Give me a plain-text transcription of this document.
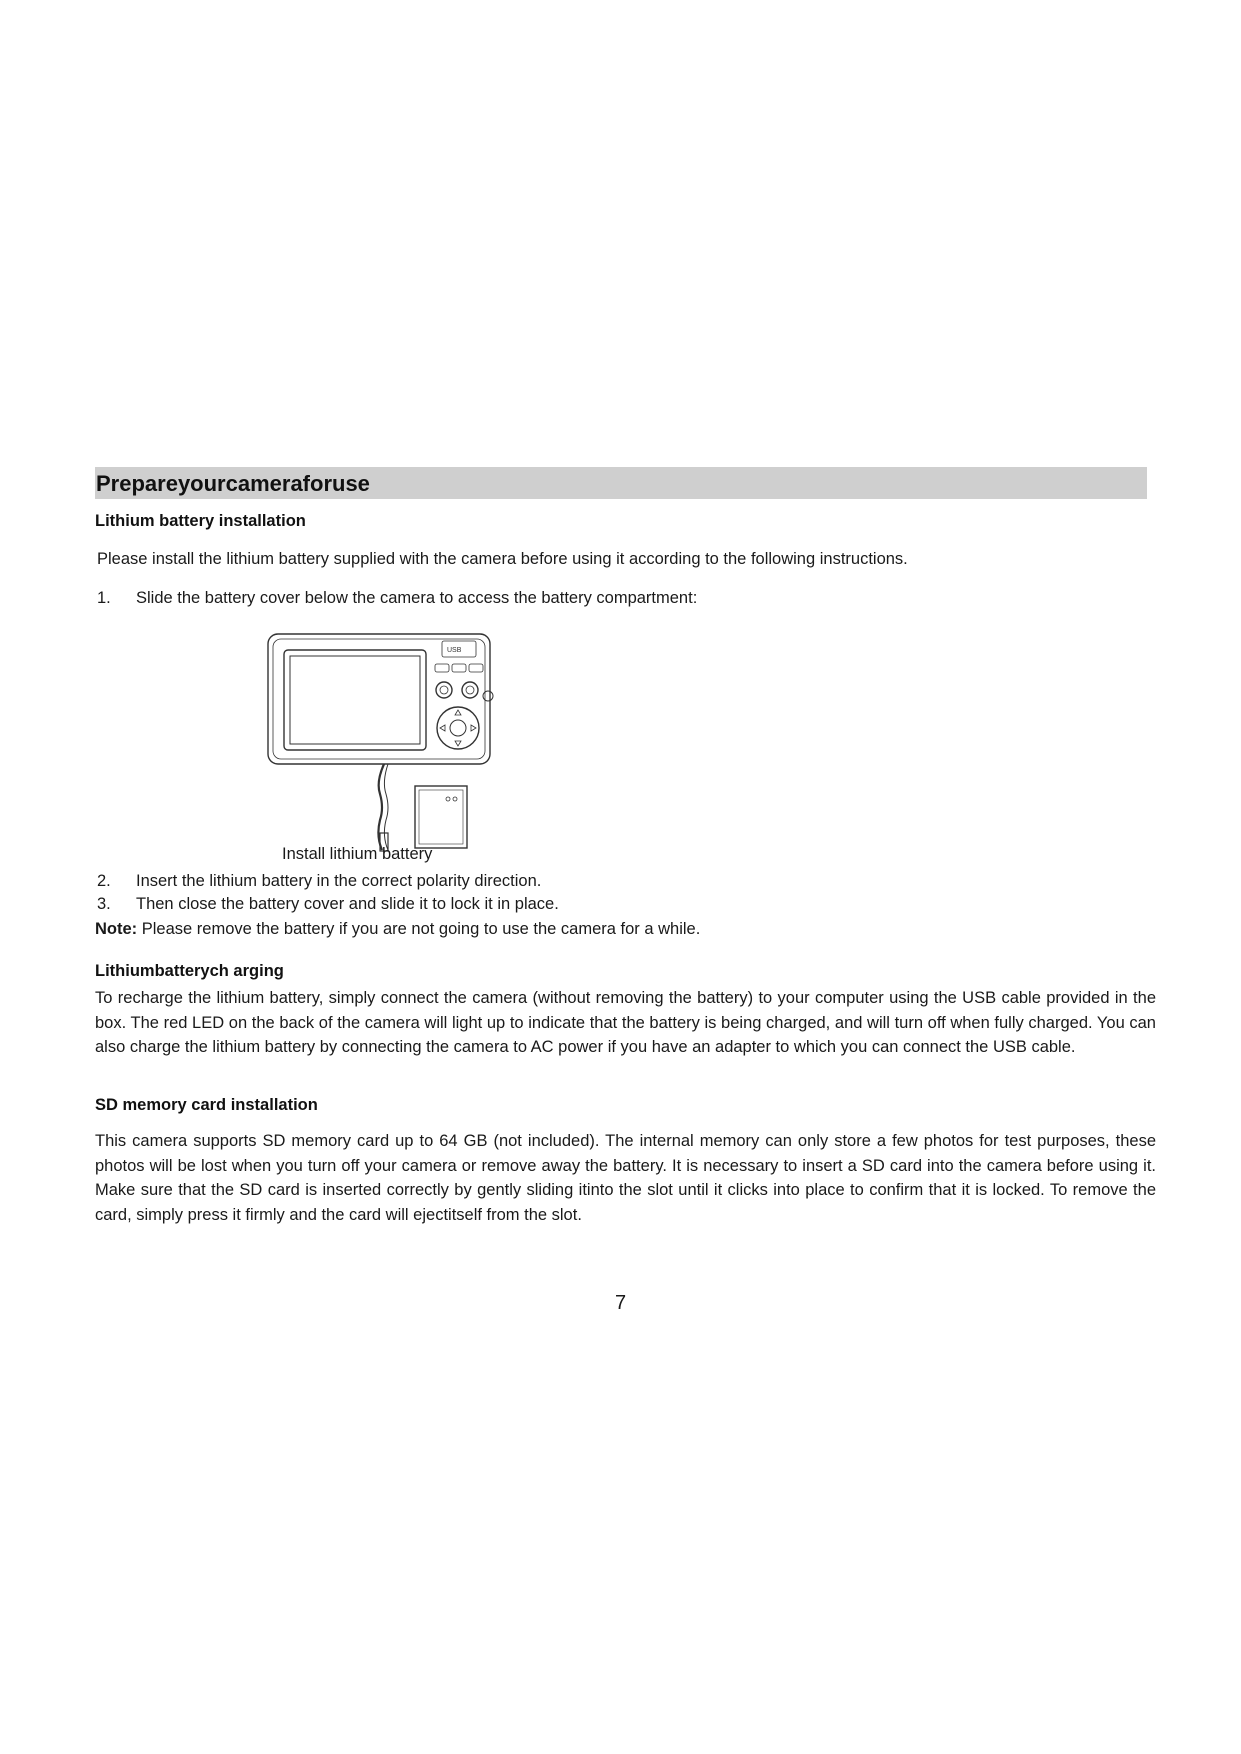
Prepareyourcameraforuse
Lithium battery installation
Please install the lithium battery supplied with the camera before using it according to the following instructions.
1. Slide the battery cover below the camera to access the battery compartment:
USB
Install lithium battery
2. Insert the lithium battery in the correct polarity direction.
3. Then close the battery cover and slide it to lock it in place.
Note: Please remove the battery if you are not going to use the camera for a while.
Lithiumbatterych arging
To recharge the lithium battery, simply connect the camera (without removing the battery) to your computer using the USB cable provided in the box. The red LED on the back of the camera will light up to indicate that the battery is being charged, and will turn off when fully charged. You can also charge the lithium battery by connecting the camera to AC power if you have an adapter to which you can connect the USB cable.
SD memory card installation
This camera supports SD memory card up to 64 GB (not included). The internal memory can only store a few photos for test purposes, these photos will be lost when you turn off your camera or remove away the battery. It is necessary to insert a SD card into the camera before using it. Make sure that the SD card is inserted correctly by gently sliding itinto the slot until it clicks into place to confirm that it is locked. To remove the card, simply press it firmly and the card will ejectitself from the slot.
7
